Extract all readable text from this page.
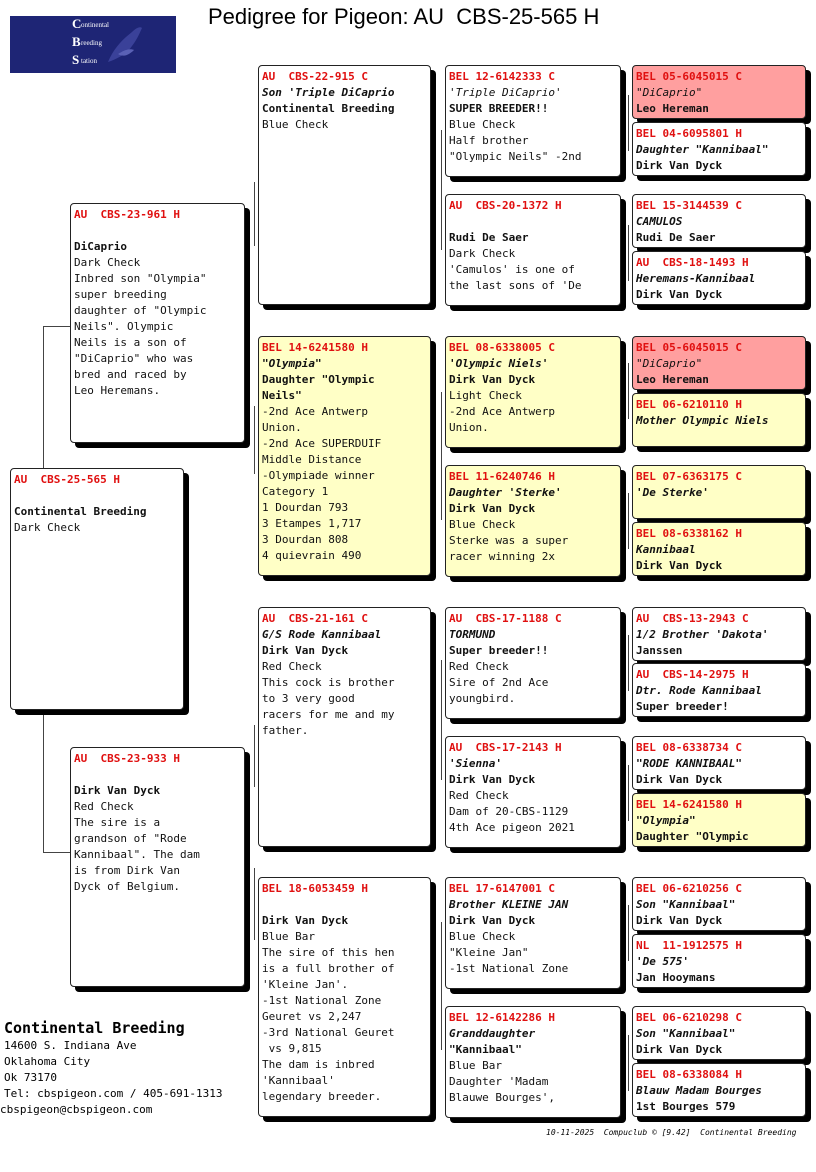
Pedigree for Pigeon: AU  CBS-25-565 H
C ontinental
B reeding
S tation
AU  CBS-25-565 H
Continental Breeding
Dark Check
AU  CBS-23-961 H
DiCaprio
Dark Check
Inbred son "Olympia"
super breeding
daughter of "Olympic
Neils". Olympic
Neils is a son of
"DiCaprio" who was
bred and raced by
Leo Heremans.
AU  CBS-23-933 H
Dirk Van Dyck
Red Check
The sire is a
grandson of "Rode
Kannibaal". The dam
is from Dirk Van
Dyck of Belgium.
AU  CBS-22-915 C
Son 'Triple DiCaprio
Continental Breeding
Blue Check
BEL 14-6241580 H
"Olympia"
Daughter "Olympic
Neils"
-2nd Ace Antwerp
Union.
-2nd Ace SUPERDUIF
Middle Distance
-Olympiade winner
Category 1
1 Dourdan 793
3 Etampes 1,717
3 Dourdan 808
4 quievrain 490
AU  CBS-21-161 C
G/S Rode Kannibaal
Dirk Van Dyck
Red Check
This cock is brother
to 3 very good
racers for me and my
father.
BEL 18-6053459 H
Dirk Van Dyck
Blue Bar
The sire of this hen
is a full brother of
'Kleine Jan'.
-1st National Zone
Geuret vs 2,247
-3rd National Geuret
vs 9,815
The dam is inbred
'Kannibaal'
legendary breeder.
BEL 12-6142333 C
'Triple DiCaprio'
SUPER BREEDER!!
Blue Check
Half brother
"Olympic Neils" -2nd
AU  CBS-20-1372 H
Rudi De Saer
Dark Check
'Camulos' is one of
the last sons of 'De
BEL 08-6338005 C
'Olympic Niels'
Dirk Van Dyck
Light Check
-2nd Ace Antwerp
Union.
BEL 11-6240746 H
Daughter 'Sterke'
Dirk Van Dyck
Blue Check
Sterke was a super
racer winning 2x
AU  CBS-17-1188 C
TORMUND
Super breeder!!
Red Check
Sire of 2nd Ace
youngbird.
AU  CBS-17-2143 H
'Sienna'
Dirk Van Dyck
Red Check
Dam of 20-CBS-1129
4th Ace pigeon 2021
BEL 17-6147001 C
Brother KLEINE JAN
Dirk Van Dyck
Blue Check
"Kleine Jan"
-1st National Zone
BEL 12-6142286 H
Granddaughter
"Kannibaal"
Blue Bar
Daughter 'Madam
Blauwe Bourges',
BEL 05-6045015 C
"DiCaprio"
Leo Hereman
BEL 04-6095801 H
Daughter "Kannibaal"
Dirk Van Dyck
BEL 15-3144539 C
CAMULOS
Rudi De Saer
AU  CBS-18-1493 H
Heremans-Kannibaal
Dirk Van Dyck
BEL 05-6045015 C
"DiCaprio"
Leo Hereman
BEL 06-6210110 H
Mother Olympic Niels
BEL 07-6363175 C
'De Sterke'
BEL 08-6338162 H
Kannibaal
Dirk Van Dyck
AU  CBS-13-2943 C
1/2 Brother 'Dakota'
Janssen
AU  CBS-14-2975 H
Dtr. Rode Kannibaal
Super breeder!
BEL 08-6338734 C
"RODE KANNIBAAL"
Dirk Van Dyck
BEL 14-6241580 H
"Olympia"
Daughter "Olympic
BEL 06-6210256 C
Son "Kannibaal"
Dirk Van Dyck
NL  11-1912575 H
'De 575'
Jan Hooymans
BEL 06-6210298 C
Son "Kannibaal"
Dirk Van Dyck
BEL 08-6338084 H
Blauw Madam Bourges
1st Bourges 579
Continental Breeding
14600 S. Indiana Ave
Oklahoma City
Ok 73170
Tel: cbspigeon.com / 405-691-1313
cbspigeon@cbspigeon.com
10-11-2025  Compuclub © [9.42]  Continental Breeding
